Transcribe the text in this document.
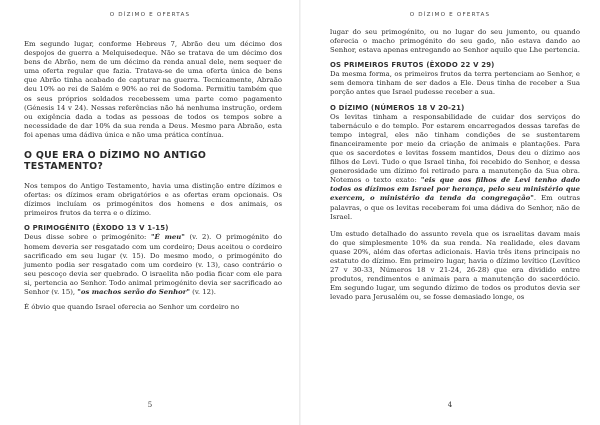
O DÍZIMO E OFERTAS

Em segundo lugar, conforme Hebreus 7, Abrão deu um décimo dos despojos de guerra a Melquisedeque. Não se tratava de um décimo dos bens de Abrão, nem de um décimo da renda anual dele, nem sequer de uma oferta regular que fazia. Tratava-se de uma oferta única de bens que Abrão tinha acabado de capturar na guerra. Tecnicamente, Abraão deu 10% ao rei de Salém e 90% ao rei de Sodoma. Permitiu também que os seus próprios soldados recebessem uma parte como pagamento (Génesis 14 v 24). Nessas referências não há nenhuma instrução, ordem ou exigência dada a todas as pessoas de todos os tempos sobre a necessidade de dar 10% da sua renda a Deus. Mesmo para Abraão, esta foi apenas uma dádiva única e não uma prática contínua.

O QUE ERA O DÍZIMO NO ANTIGO TESTAMENTO?

Nos tempos do Antigo Testamento, havia uma distinção entre dízimos e ofertas: os dízimos eram obrigatórios e as ofertas eram opcionais. Os dízimos incluíam os primogénitos dos homens e dos animais, os primeiros frutos da terra e o dízimo.

O PRIMOGÉNITO (ÊXODO 13 V 1-15)

Deus disse sobre o primogénito: "É meu" (v. 2). O primogénito do homem deveria ser resgatado com um cordeiro; Deus aceitou o cordeiro sacrificado em seu lugar (v. 15). Do mesmo modo, o primogénito do jumento podia ser resgatado com um cordeiro (v. 13), caso contrário o seu pescoço devia ser quebrado. O israelita não podia ficar com ele para si, pertencia ao Senhor. Todo animal primogénito devia ser sacrificado ao Senhor (v. 15), "os machos serão do Senhor" (v. 12).

É óbvio que quando Israel oferecia ao Senhor um cordeiro no

5
O DÍZIMO E OFERTAS

lugar do seu primogénito, ou no lugar do seu jumento, ou quando oferecia o macho primogénito do seu gado, não estava dando ao Senhor, estava apenas entregando ao Senhor aquilo que Lhe pertencia.

OS PRIMEIROS FRUTOS (ÊXODO 22 V 29)

Da mesma forma, os primeiros frutos da terra pertenciam ao Senhor, e sem demora tinham de ser dados a Ele. Deus tinha de receber a Sua porção antes que Israel pudesse receber a sua.

O DÍZIMO (NÚMEROS 18 V 20-21)

Os levitas tinham a responsabilidade de cuidar dos serviços do tabernáculo e do templo. Por estarem encarregados dessas tarefas de tempo integral, eles não tinham condições de se sustentarem financeiramente por meio da criação de animais e plantações. Para que os sacerdotes e levitas fossem mantidos, Deus deu o dízimo aos filhos de Levi. Tudo o que Israel tinha, foi recebido do Senhor, e dessa generosidade um dízimo foi retirado para a manutenção da Sua obra. Notemos o texto exato: "eis que aos filhos de Levi tenho dado todos os dízimos em Israel por herança, pelo seu ministério que exercem, o ministério da tenda da congregação". Em outras palavras, o que os levitas receberam foi uma dádiva do Senhor, não de Israel.

Um estudo detalhado do assunto revela que os israelitas davam mais do que simplesmente 10% da sua renda. Na realidade, eles davam quase 20%, além das ofertas adicionais. Havia três itens principais no estatuto do dízimo. Em primeiro lugar, havia o dízimo levítico (Levítico 27 v 30-33, Números 18 v 21-24, 26-28) que era dividido entre produtos, rendimentos e animais para a manutenção do sacerdócio. Em segundo lugar, um segundo dízimo de todos os produtos devia ser levado para Jerusalém ou, se fosse demasiado longe, os

4
